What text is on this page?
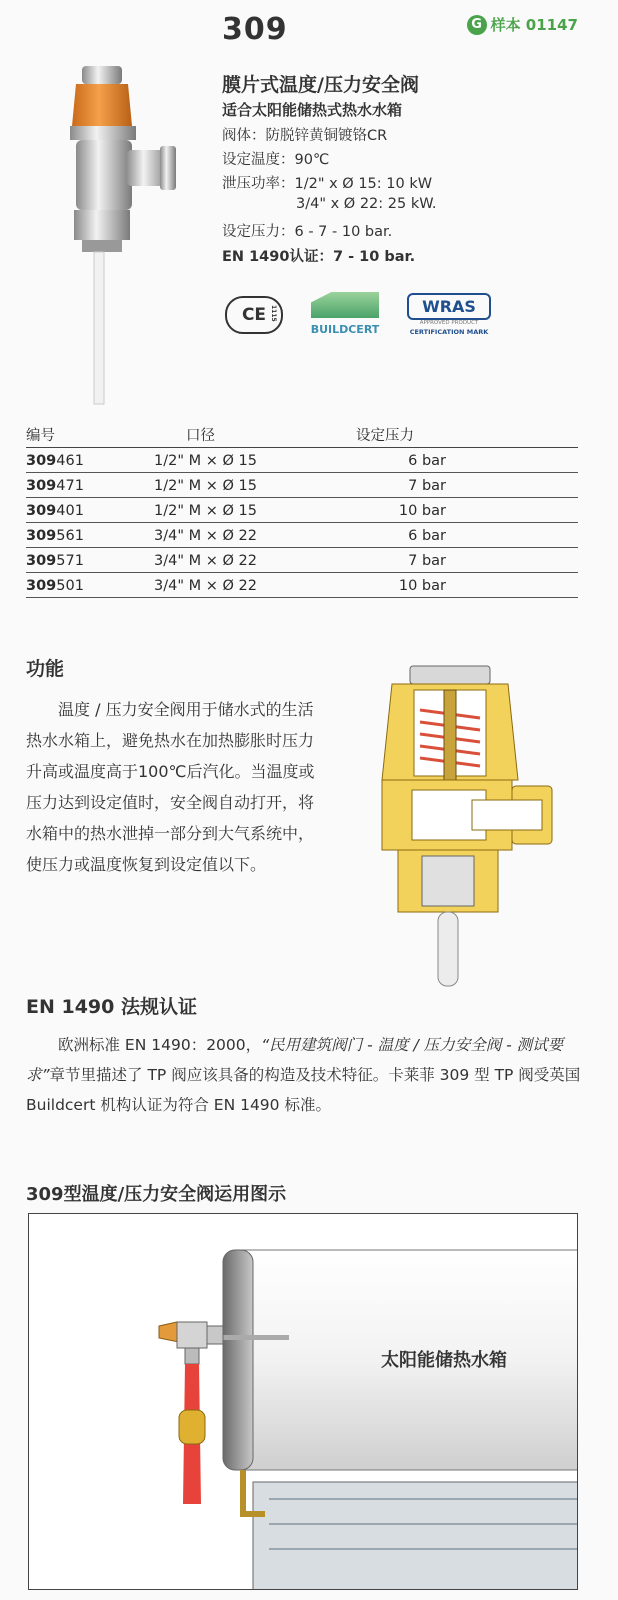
309	G 样本 01147
膜片式温度/压力安全阀
适合太阳能储热式热水水箱
阀体：防脱锌黄铜镀铬CR
设定温度：90℃
泄压功率：1/2" x Ø 15: 10 kW
3/4" x Ø 22: 25 kW.
设定压力：6 - 7 - 10 bar.
EN 1490认证：7 - 10 bar.
CE 1115
BUILDCERT
WRAS
APPROVED PRODUCT
CERTIFICATION MARK
编号	口径	设定压力	
309461	1/2" M × Ø 15	6 bar	
309471	1/2" M × Ø 15	7 bar	
309401	1/2" M × Ø 15	10 bar	
309561	3/4" M × Ø 22	6 bar	
309571	3/4" M × Ø 22	7 bar	
309501	3/4" M × Ø 22	10 bar	
功能
温度 / 压力安全阀用于储水式的生活热水水箱上，避免热水在加热膨胀时压力升高或温度高于100℃后汽化。当温度或压力达到设定值时，安全阀自动打开，将水箱中的热水泄掉一部分到大气系统中，使压力或温度恢复到设定值以下。
EN 1490 法规认证
欧洲标准 EN 1490：2000，“民用建筑阀门 - 温度 / 压力安全阀 - 测试要求”章节里描述了 TP 阀应该具备的构造及技术特征。卡莱菲 309 型 TP 阀受英国 Buildcert 机构认证为符合 EN 1490 标准。
309型温度/压力安全阀运用图示
太阳能储热水箱
